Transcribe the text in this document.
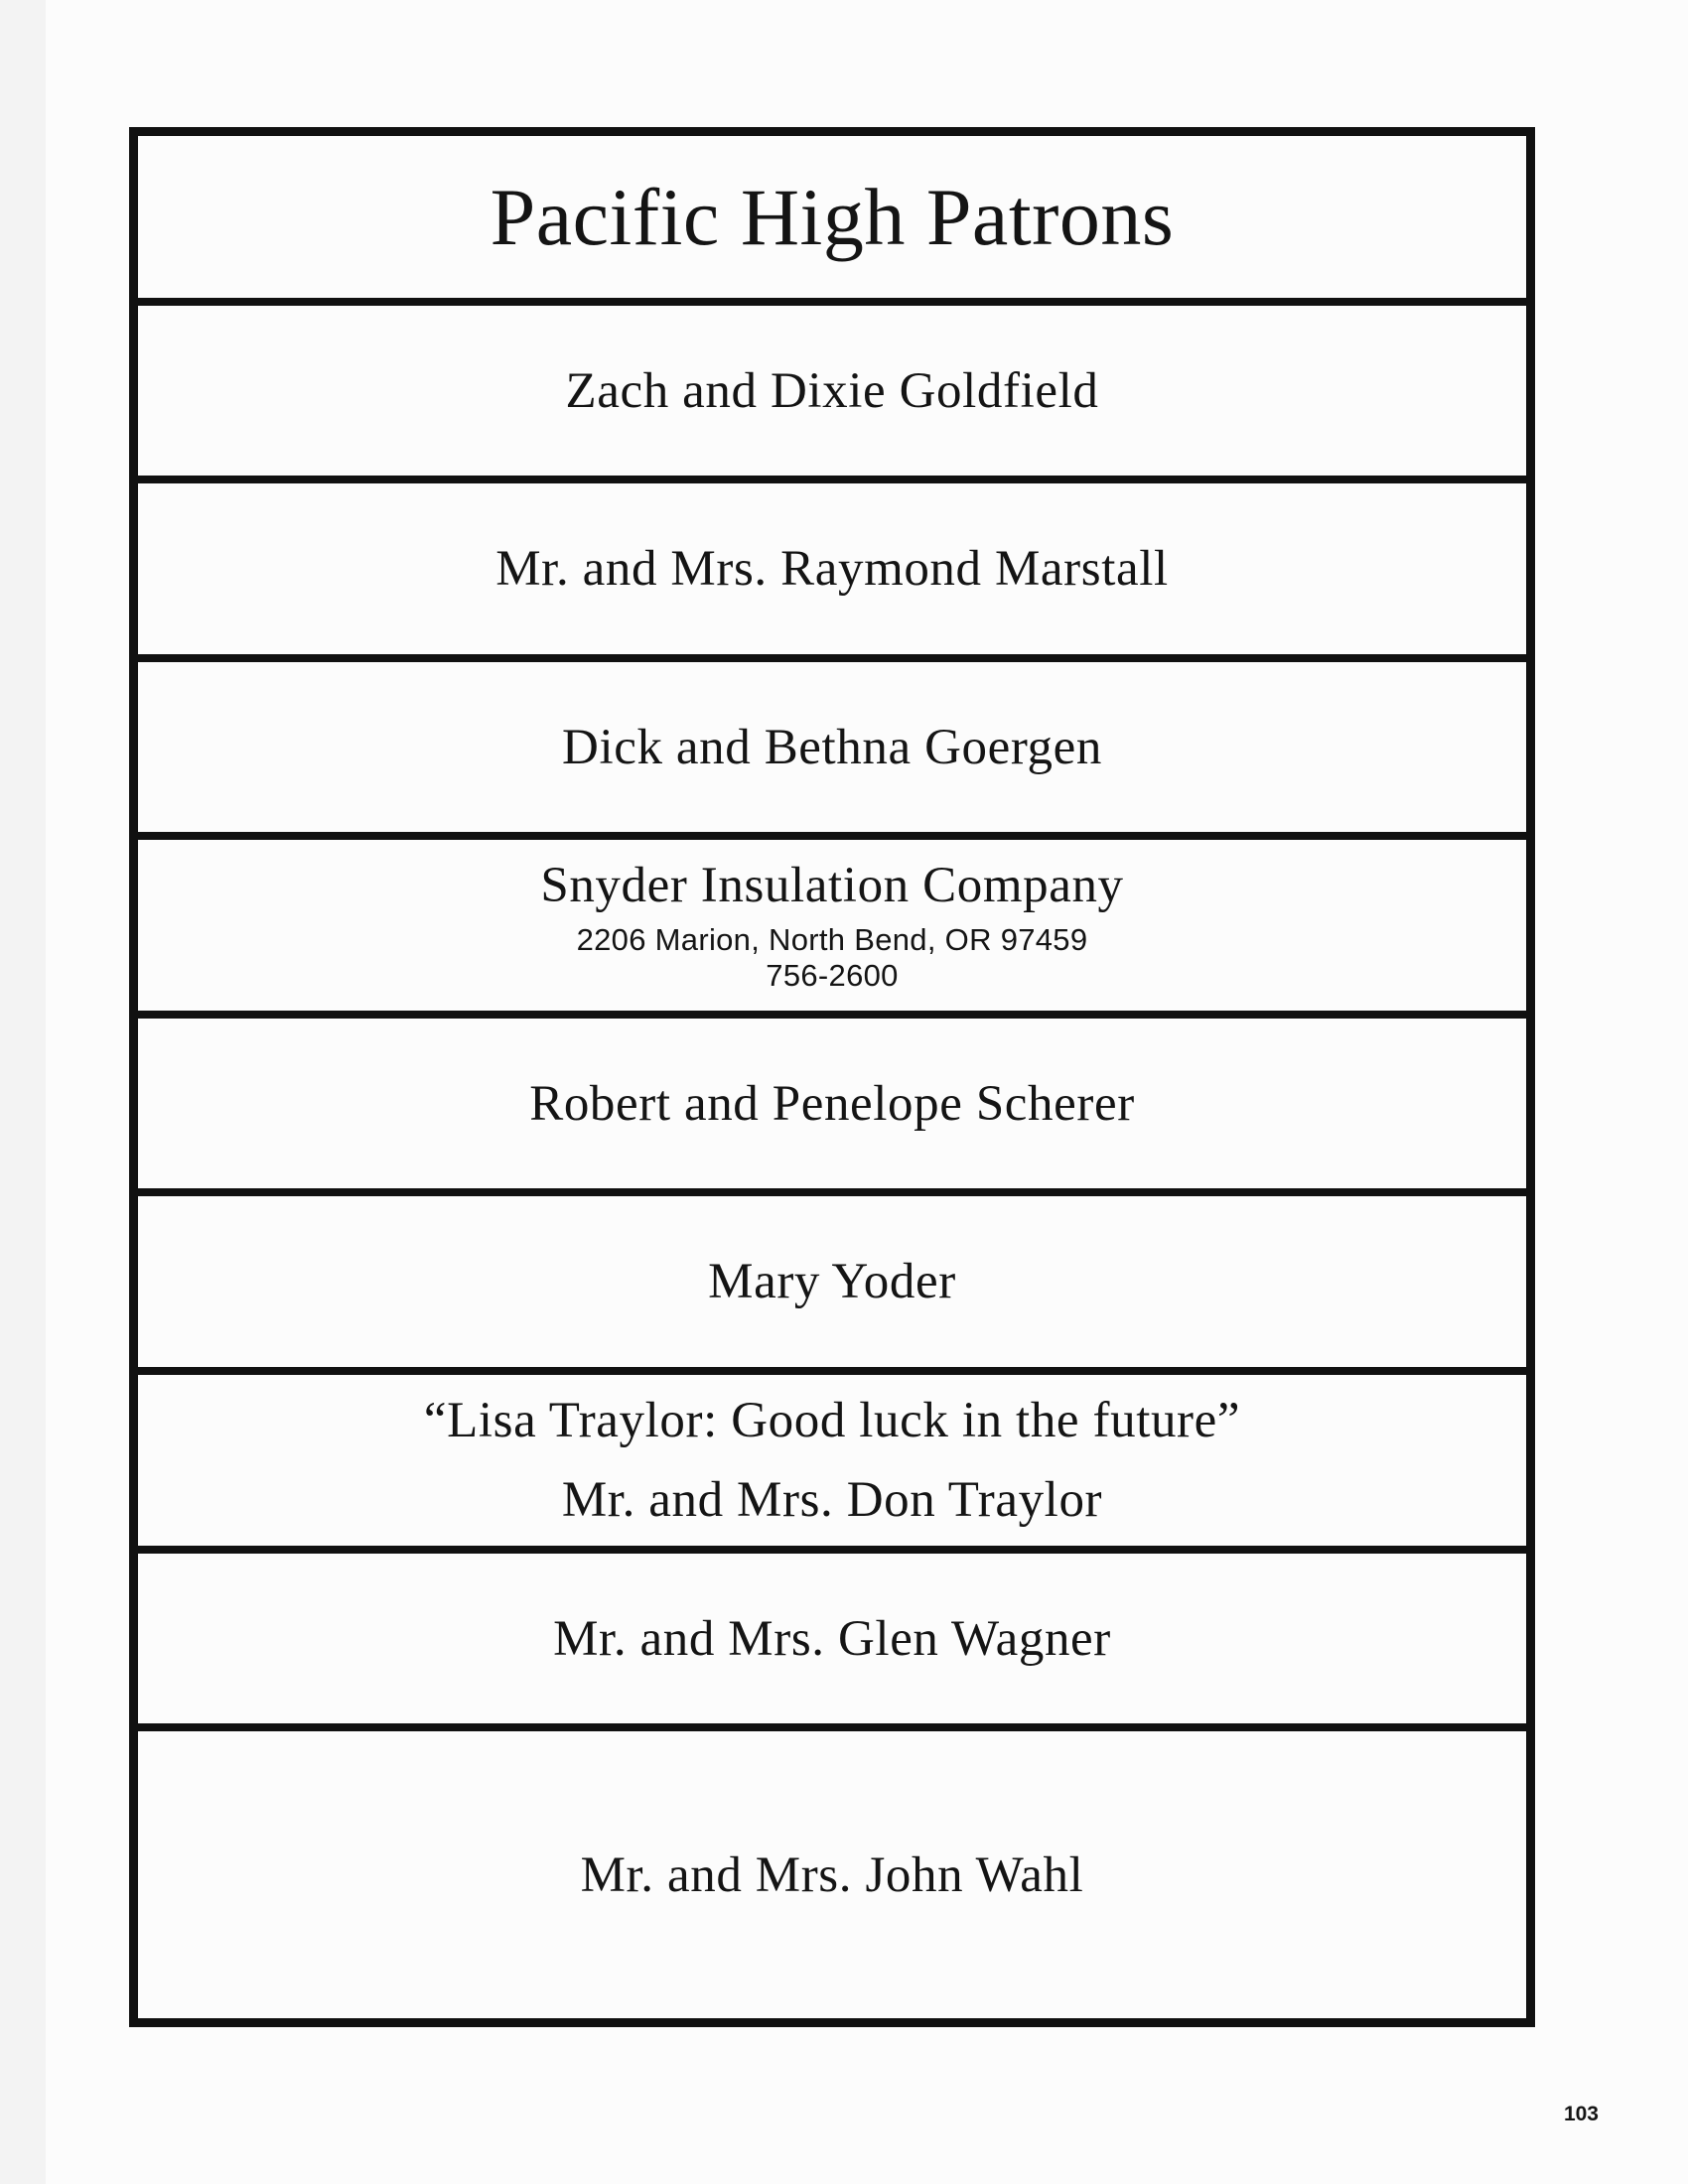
Pacific High Patrons
Zach and Dixie Goldfield
Mr. and Mrs. Raymond Marstall
Dick and Bethna Goergen
Snyder Insulation Company
2206 Marion, North Bend, OR 97459
756-2600
Robert and Penelope Scherer
Mary Yoder
“Lisa Traylor: Good luck in the future”
Mr. and Mrs. Don Traylor
Mr. and Mrs. Glen Wagner
Mr. and Mrs. John Wahl
103
